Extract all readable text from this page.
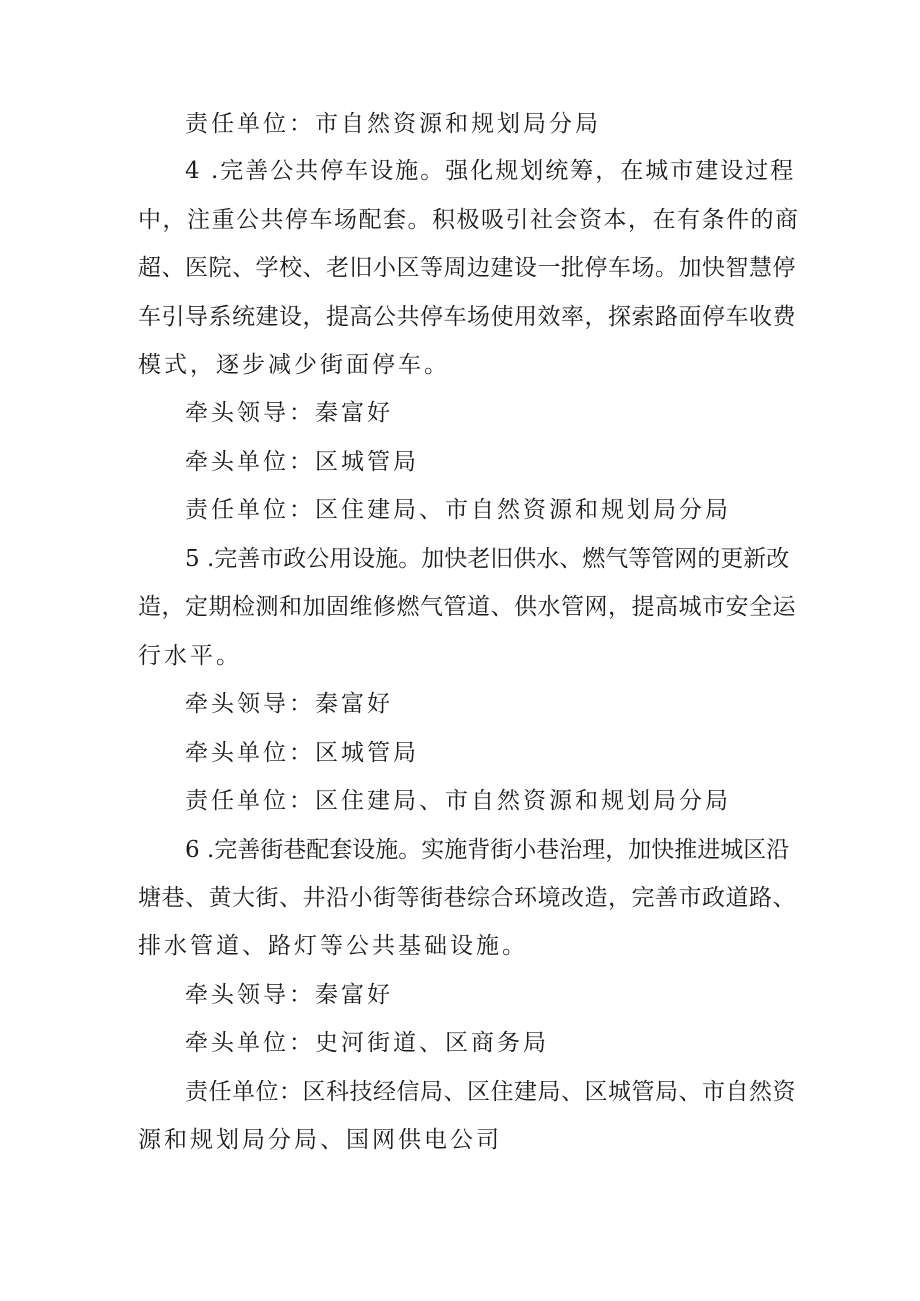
责任单位：市自然资源和规划局分局
4 .完善公共停车设施。强化规划统筹，在城市建设过程
中，注重公共停车场配套。积极吸引社会资本，在有条件的商
超、医院、学校、老旧小区等周边建设一批停车场。加快智慧停
车引导系统建设，提高公共停车场使用效率，探索路面停车收费
模式，逐步减少街面停车。
牵头领导：秦富好
牵头单位：区城管局
责任单位：区住建局、市自然资源和规划局分局
5 .完善市政公用设施。加快老旧供水、燃气等管网的更新改
造，定期检测和加固维修燃气管道、供水管网，提高城市安全运
行水平。
牵头领导：秦富好
牵头单位：区城管局
责任单位：区住建局、市自然资源和规划局分局
6 .完善街巷配套设施。实施背街小巷治理，加快推进城区沿
塘巷、黄大街、井沿小街等街巷综合环境改造，完善市政道路、
排水管道、路灯等公共基础设施。
牵头领导：秦富好
牵头单位：史河街道、区商务局
责任单位：区科技经信局、区住建局、区城管局、市自然资
源和规划局分局、国网供电公司
